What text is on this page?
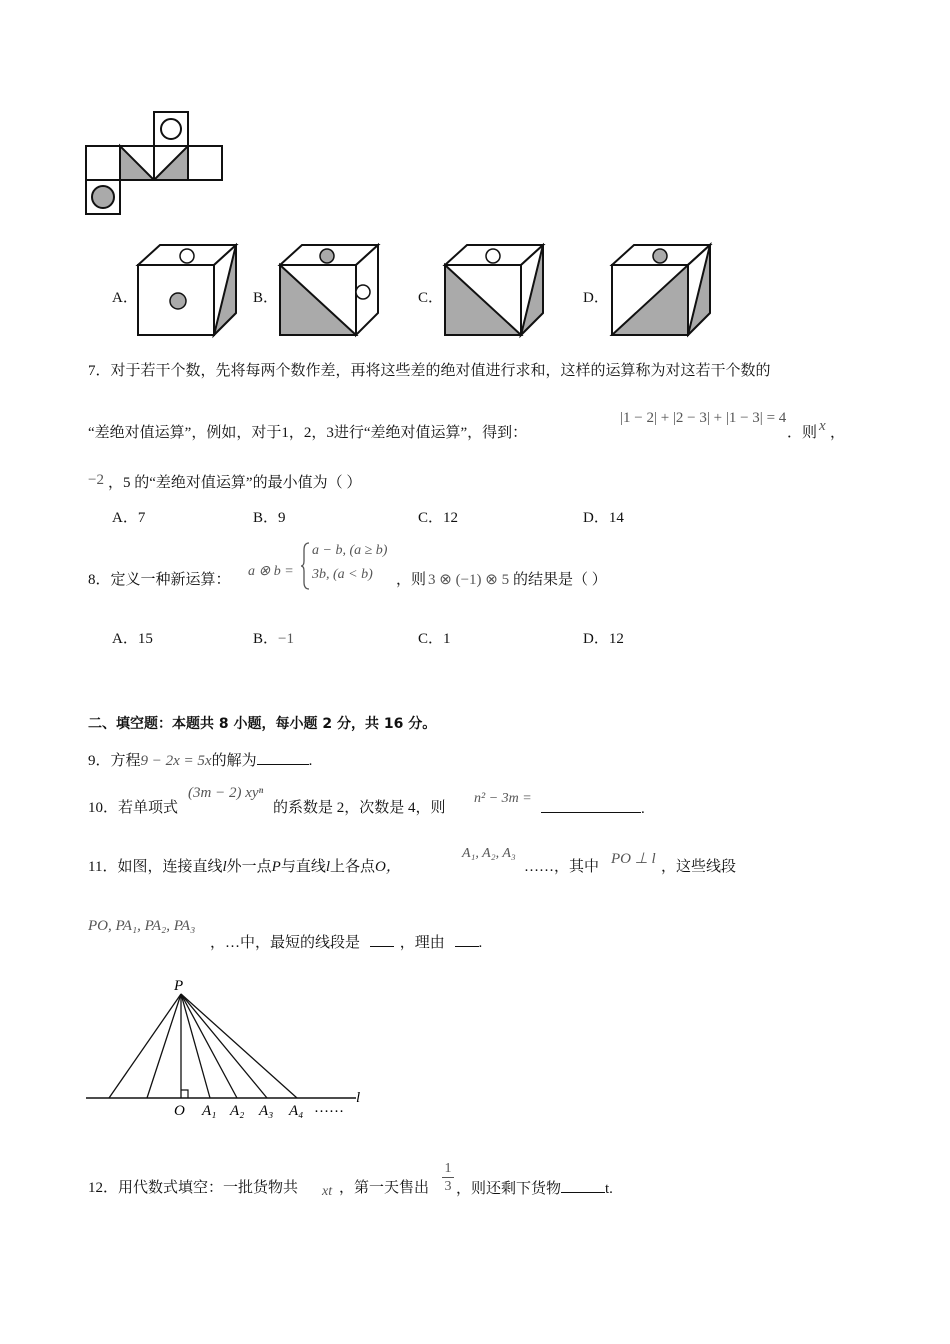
A．	B．	C．	D．
7．对于若干个数，先将每两个数作差，再将这些差的绝对值进行求和，这样的运算称为对这若干个数的
“差绝对值运算”，例如，对于1，2，3进行“差绝对值运算”，得到：
|1 − 2| + |2 − 3| + |1 − 3| = 4
．则 x ，
−2 ，5 的“差绝对值运算”的最小值为（ ）
A．7	B．9	C．12	D．14
8．定义一种新运算：
a ⊗ b =
a − b, (a ≥ b)
3b, (a < b) ，则 3 ⊗ (−1) ⊗ 5 的结果是（ ）
A．15	B．−1	C．1	D．12
二、填空题：本题共 8 小题，每小题 2 分，共 16 分。
9．方程9 − 2x = 5x的解为	.
10．若单项式
(3m − 2) xyⁿ
的系数是 2，次数是 4，则
n² − 3m =
.
11．如图，连接直线l外一点P与直线l上各点O，
A₁, A₂, A₃
……，其中 PO ⊥ l ，这些线段
PO, PA₁, PA₂, PA₃
，…中，最短的线段是	，理由 .
P
O A₁ A₂ A₃ A₄ ……
l
12．用代数式填空：一批货物共 xt ，第一天售出 $\frac{1}{3}$ ，则还剩下货物	t.
